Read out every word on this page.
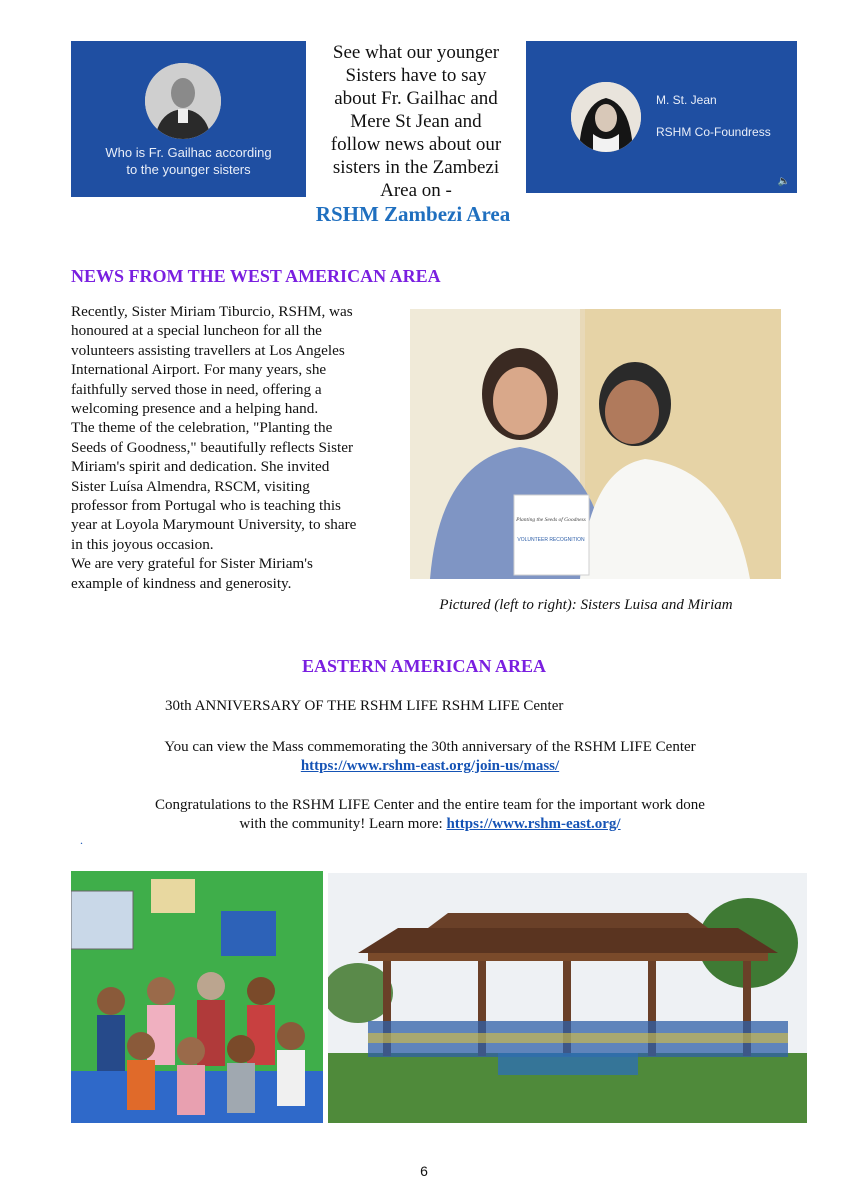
Who is Fr. Gailhac according
to the younger sisters
See what our younger
Sisters have to say
about Fr. Gailhac and
Mere St Jean and
follow news about our
sisters in the Zambezi
Area on -
RSHM Zambezi Area
M. St. Jean
RSHM Co-Foundress
🔈
NEWS FROM THE WEST AMERICAN AREA
Recently, Sister Miriam Tiburcio, RSHM, was
honoured at a special luncheon for all the
volunteers assisting travellers at Los Angeles
International Airport. For many years, she
faithfully served those in need, offering a
welcoming presence and a helping hand.
The theme of the celebration, "Planting the
Seeds of Goodness," beautifully reflects Sister
Miriam's spirit and dedication. She invited
Sister Luísa Almendra, RSCM, visiting
professor from Portugal who is teaching this
year at Loyola Marymount University, to share
in this joyous occasion.
We are very grateful for Sister Miriam's
example of kindness and generosity.
Planting the Seeds of Goodness
VOLUNTEER RECOGNITION
Pictured (left to right): Sisters Luisa and Miriam
EASTERN AMERICAN AREA
30th ANNIVERSARY OF THE RSHM LIFE RSHM LIFE Center
You can view the Mass commemorating the 30th anniversary of the RSHM LIFE Center
https://www.rshm-east.org/join-us/mass/
Congratulations to the RSHM LIFE Center and the entire team for the important work done
with the community! Learn more: https://www.rshm-east.org/
.
6
